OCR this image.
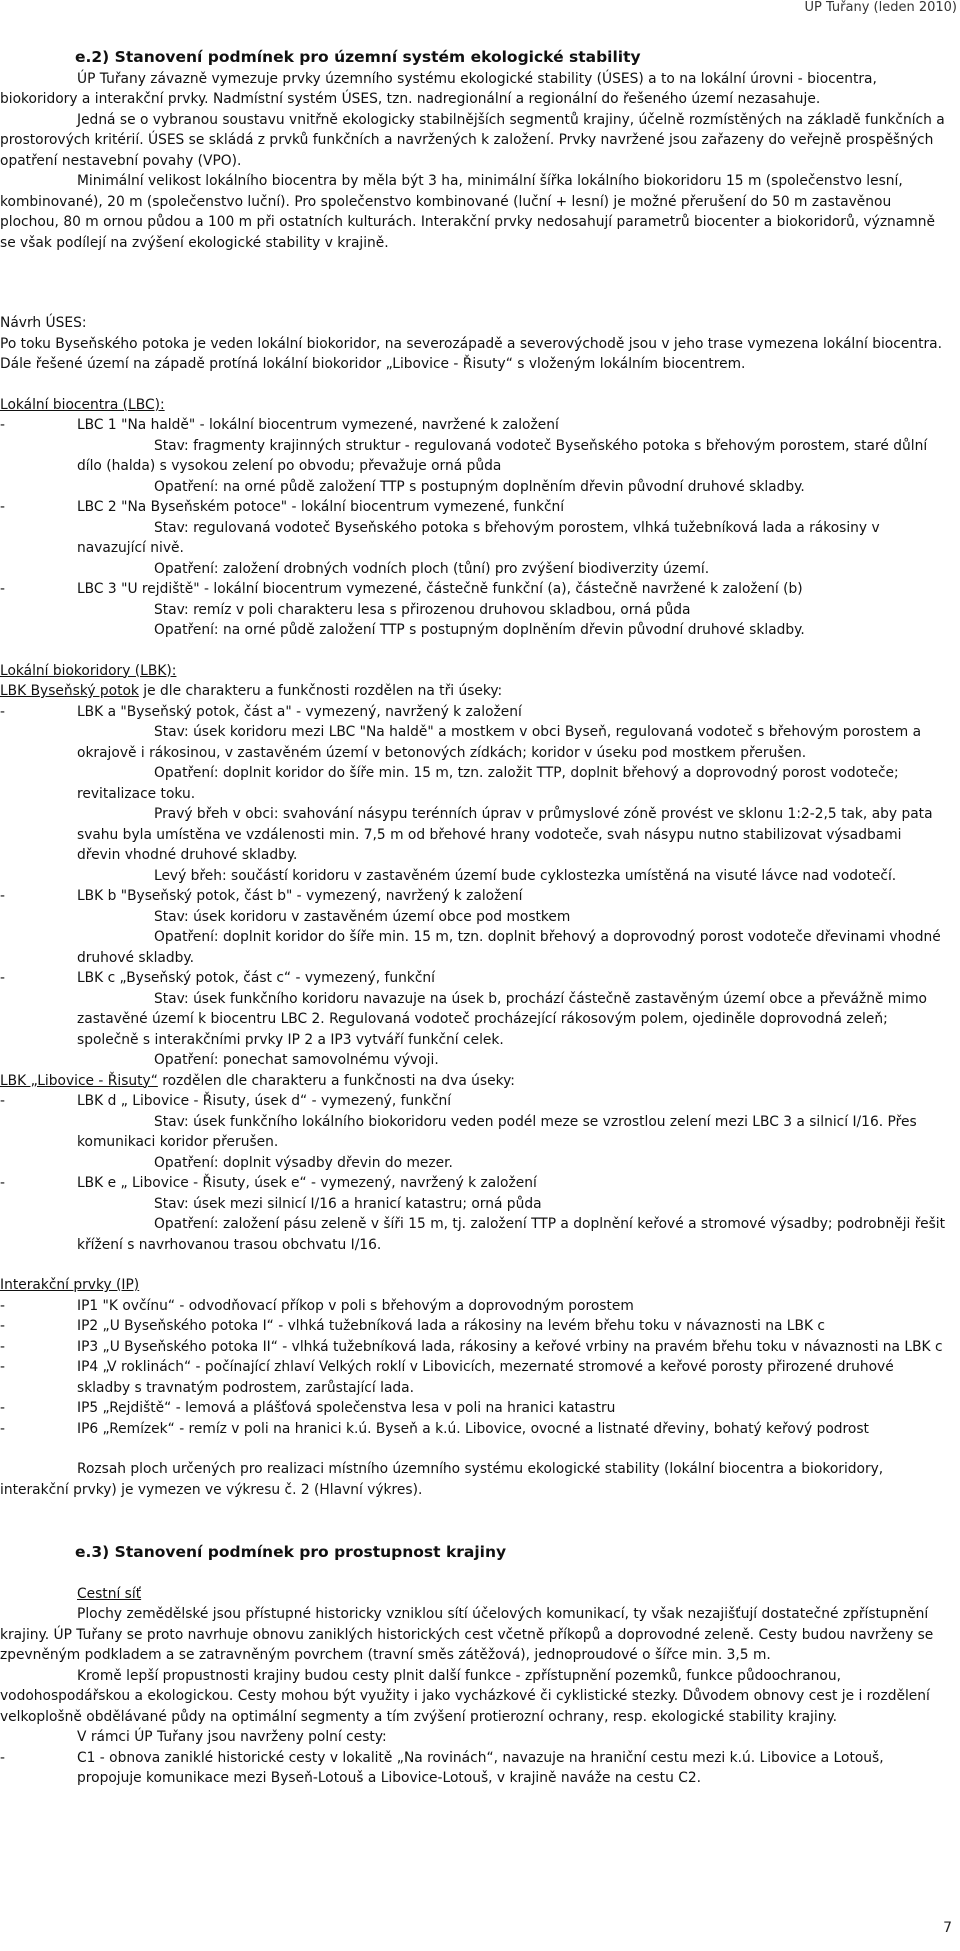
ÚP Tuřany (leden 2010)

e.2) Stanovení podmínek pro územní systém ekologické stability

ÚP Tuřany závazně vymezuje prvky územního systému ekologické stability (ÚSES) a to na lokální úrovni - biocentra, biokoridory a interakční prvky. Nadmístní systém ÚSES, tzn. nadregionální a regionální do řešeného území nezasahuje.

Jedná se o vybranou soustavu vnitřně ekologicky stabilnějších segmentů krajiny, účelně rozmístěných na základě funkčních a prostorových kritérií. ÚSES se skládá z prvků funkčních a navržených k založení. Prvky navržené jsou zařazeny do veřejně prospěšných opatření nestavební povahy (VPO).

Minimální velikost lokálního biocentra by měla být 3 ha, minimální šířka lokálního biokoridoru 15 m (společenstvo lesní, kombinované), 20 m (společenstvo luční). Pro společenstvo kombinované (luční + lesní) je možné přerušení do 50 m zastavěnou plochou, 80 m ornou půdou a 100 m při ostatních kulturách. Interakční prvky nedosahují parametrů biocenter a biokoridorů, významně se však podílejí na zvýšení ekologické stability v krajině.

Návrh ÚSES:

Po toku Byseňského potoka je veden lokální biokoridor, na severozápadě a severovýchodě jsou v jeho trase vymezena lokální biocentra. Dále řešené území na západě protíná lokální biokoridor „Libovice - Řisuty“ s vloženým lokálním biocentrem.

Lokální biocentra (LBC):

-	LBC 1 "Na haldě" - lokální biocentrum vymezené, navržené k založení

Stav: fragmenty krajinných struktur - regulovaná vodoteč Byseňského potoka s břehovým porostem, staré důlní dílo (halda) s vysokou zelení po obvodu; převažuje orná půda

Opatření: na orné půdě založení TTP s postupným doplněním dřevin původní druhové skladby.

-	LBC 2 "Na Byseňském potoce" - lokální biocentrum vymezené, funkční

Stav: regulovaná vodoteč Byseňského potoka s břehovým porostem, vlhká tužebníková lada a rákosiny v navazující nivě.

Opatření: založení drobných vodních ploch (tůní) pro zvýšení biodiverzity území.

-	LBC 3 "U rejdiště" - lokální biocentrum vymezené, částečně funkční (a), částečně navržené k založení (b)

Stav: remíz v poli charakteru lesa s přirozenou druhovou skladbou, orná půda

Opatření: na orné půdě založení TTP s postupným doplněním dřevin původní druhové skladby.

Lokální biokoridory (LBK):

LBK Byseňský potok je dle charakteru a funkčnosti rozdělen na tři úseky:

-	LBK a "Byseňský potok, část a" - vymezený, navržený k založení

Stav: úsek koridoru mezi LBC "Na haldě" a mostkem v obci Byseň, regulovaná vodoteč s břehovým porostem a okrajově i rákosinou, v zastavěném území v betonových zídkách; koridor v úseku pod mostkem přerušen.

Opatření: doplnit koridor do šíře min. 15 m, tzn. založit TTP, doplnit břehový a doprovodný porost vodoteče; revitalizace toku.

Pravý břeh v obci: svahování násypu terénních úprav v průmyslové zóně provést ve sklonu 1:2-2,5 tak, aby pata svahu byla umístěna ve vzdálenosti min. 7,5 m od břehové hrany vodoteče, svah násypu nutno stabilizovat výsadbami dřevin vhodné druhové skladby.

Levý břeh: součástí koridoru v zastavěném území bude cyklostezka umístěná na visuté lávce nad vodotečí.

-	LBK b "Byseňský potok, část b" - vymezený, navržený k založení

Stav: úsek koridoru v zastavěném území obce pod mostkem

Opatření: doplnit koridor do šíře min. 15 m, tzn. doplnit břehový a doprovodný porost vodoteče dřevinami vhodné druhové skladby.

-	LBK c „Byseňský potok, část c“ - vymezený, funkční

Stav: úsek funkčního koridoru navazuje na úsek b, prochází částečně zastavěným území obce a převážně mimo zastavěné území k biocentru LBC 2. Regulovaná vodoteč procházející rákosovým polem, ojediněle doprovodná zeleň; společně s interakčními prvky IP 2 a IP3 vytváří funkční celek.

Opatření: ponechat samovolnému vývoji.

LBK „Libovice - Řisuty“ rozdělen dle charakteru a funkčnosti na dva úseky:

-	LBK d „ Libovice - Řisuty, úsek d“ - vymezený, funkční

Stav: úsek funkčního lokálního biokoridoru veden podél meze se vzrostlou zelení mezi LBC 3 a silnicí I/16. Přes komunikaci koridor přerušen.

Opatření: doplnit výsadby dřevin do mezer.

-	LBK e „ Libovice - Řisuty, úsek e“ - vymezený, navržený k založení

Stav: úsek mezi silnicí I/16 a hranicí katastru; orná půda

Opatření: založení pásu zeleně v šíři 15 m, tj. založení TTP a doplnění keřové a stromové výsadby; podrobněji řešit křížení s navrhovanou trasou obchvatu I/16.

Interakční prvky (IP)

-	IP1 "K ovčínu“ - odvodňovací příkop v poli s břehovým a doprovodným porostem

-	IP2 „U Byseňského potoka I“ - vlhká tužebníková lada a rákosiny na levém břehu toku v návaznosti na LBK c

-	IP3 „U Byseňského potoka II“ - vlhká tužebníková lada, rákosiny a keřové vrbiny na pravém břehu toku v návaznosti na LBK c

-	IP4 „V roklinách“ - počínající zhlaví Velkých roklí v Libovicích, mezernaté stromové a keřové porosty přirozené druhové skladby s travnatým podrostem, zarůstající lada.

-	IP5 „Rejdiště“ - lemová a plášťová společenstva lesa v poli na hranici katastru

-	IP6 „Remízek“ - remíz v poli na hranici k.ú. Byseň a k.ú. Libovice, ovocné a listnaté dřeviny, bohatý keřový podrost

Rozsah ploch určených pro realizaci místního územního systému ekologické stability (lokální biocentra a biokoridory, interakční prvky) je vymezen ve výkresu č. 2 (Hlavní výkres).

e.3) Stanovení podmínek pro prostupnost krajiny

Cestní síť

Plochy zemědělské jsou přístupné historicky vzniklou sítí účelových komunikací, ty však nezajišťují dostatečné zpřístupnění krajiny. ÚP Tuřany se proto navrhuje obnovu zaniklých historických cest včetně příkopů a doprovodné zeleně. Cesty budou navrženy se zpevněným podkladem a se zatravněným povrchem (travní směs zátěžová), jednoproudové o šířce min. 3,5 m.

Kromě lepší propustnosti krajiny budou cesty plnit další funkce - zpřístupnění pozemků, funkce půdoochranou, vodohospodářskou a ekologickou. Cesty mohou být využity i jako vycházkové či cyklistické stezky. Důvodem obnovy cest je i rozdělení velkoplošně obdělávané půdy na optimální segmenty a tím zvýšení protierozní ochrany, resp. ekologické stability krajiny.

V rámci ÚP Tuřany jsou navrženy polní cesty:

-	C1 - obnova zaniklé historické cesty v lokalitě „Na rovinách“, navazuje na hraniční cestu mezi k.ú. Libovice a Lotouš, propojuje komunikace mezi Byseň-Lotouš a Libovice-Lotouš, v krajině naváže na cestu C2.

7
